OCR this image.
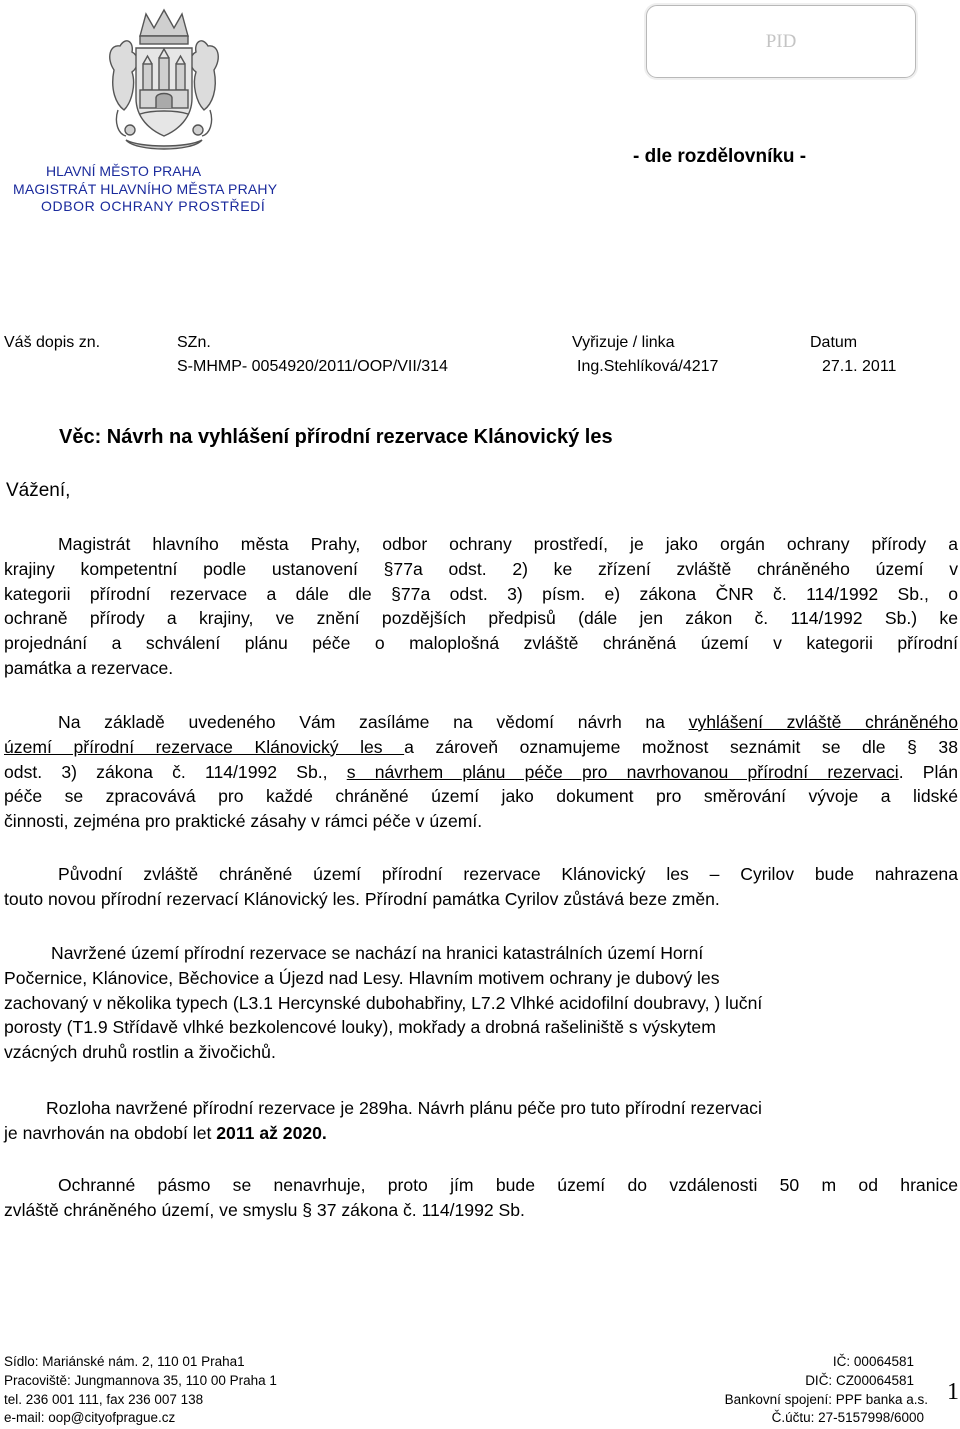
PID
HLAVNÍ MĚSTO PRAHA
MAGISTRÁT HLAVNÍHO MĚSTA PRAHY
ODBOR OCHRANY PROSTŘEDÍ
- dle rozdělovníku -
Váš dopis zn.	SZn.
S-MHMP- 0054920/2011/OOP/VII/314
Vyřizuje / linka
Ing.Stehlíková/4217
Datum
27.1. 2011
Věc: Návrh na vyhlášení přírodní rezervace Klánovický les
Vážení,
Magistrát hlavního města Prahy, odbor ochrany prostředí, je jako orgán ochrany přírody a
krajiny kompetentní podle ustanovení §77a odst. 2) ke zřízení zvláště chráněného území v
kategorii přírodní rezervace a dále dle §77a odst. 3) písm. e) zákona ČNR č. 114/1992 Sb., o
ochraně přírody a krajiny, ve znění pozdějších předpisů (dále jen zákon č. 114/1992 Sb.) ke
projednání a schválení plánu péče o maloplošná zvláště chráněná území v kategorii přírodní
památka a rezervace.
Na základě uvedeného Vám zasíláme na vědomí návrh na vyhlášení zvláště chráněného
území přírodní rezervace Klánovický les a zároveň oznamujeme možnost seznámit se dle § 38
odst. 3) zákona č. 114/1992 Sb., s návrhem plánu péče pro navrhovanou přírodní rezervaci. Plán
péče se zpracovává pro každé chráněné území jako dokument pro směrování vývoje a lidské
činnosti, zejména pro praktické zásahy v rámci péče v území.
Původní zvláště chráněné území přírodní rezervace Klánovický les – Cyrilov bude nahrazena
touto novou přírodní rezervací Klánovický les. Přírodní památka Cyrilov zůstává beze změn.
Navržené území přírodní rezervace se nachází na hranici katastrálních území Horní
Počernice, Klánovice, Běchovice a Újezd nad Lesy. Hlavním motivem ochrany je dubový les
zachovaný v několika typech (L3.1 Hercynské dubohabřiny, L7.2 Vlhké acidofilní doubravy, ) luční
porosty (T1.9 Střídavě vlhké bezkolencové louky), mokřady a drobná rašeliniště s výskytem
vzácných druhů rostlin a živočichů.
Rozloha navržené přírodní rezervace je 289ha. Návrh plánu péče pro tuto přírodní rezervaci
je navrhován na období let 2011 až 2020.
Ochranné pásmo se nenavrhuje, proto jím bude území do vzdálenosti 50 m od hranice
zvláště chráněného území, ve smyslu § 37 zákona č. 114/1992 Sb.
Sídlo: Mariánské nám. 2, 110 01 Praha1
Pracoviště: Jungmannova 35, 110 00 Praha 1
tel. 236 001 111, fax 236 007 138
e-mail: oop@cityofprague.cz
IČ: 00064581
DIČ: CZ00064581
Bankovní spojení: PPF banka a.s.
Č.účtu: 27-5157998/6000
1
